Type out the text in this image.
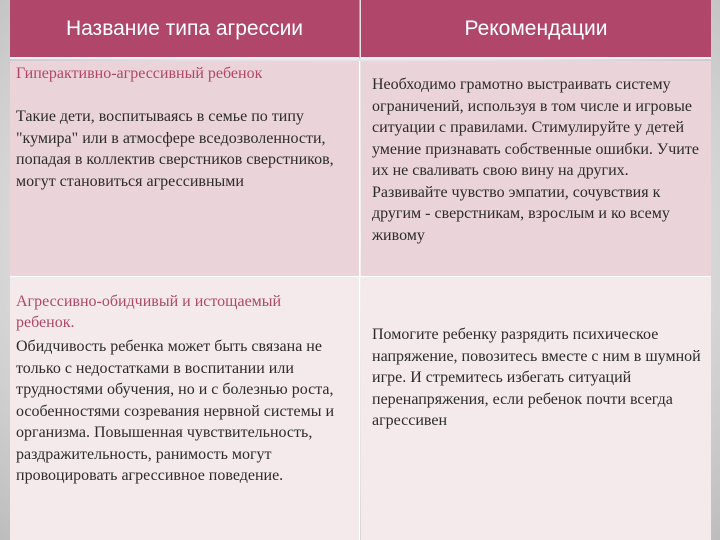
Название типа агрессии	Рекомендации
Гиперактивно-агрессивный ребенок
Такие дети, воспитываясь в семье по типу "кумира" или в атмосфере вседозволенности, попадая в коллектив сверстников сверстников, могут становиться агрессивными
Необходимо грамотно выстраивать систему ограничений, используя в том числе и игровые ситуации с правилами. Стимулируйте у детей умение признавать собственные ошибки. Учите их не сваливать свою вину на других. Развивайте чувство эмпатии, сочувствия к другим - сверстникам, взрослым и ко всему живому
Агрессивно-обидчивый и истощаемый ребенок.
Обидчивость ребенка может быть связана не только с недостатками в воспитании или трудностями обучения, но и с болезнью роста, особенностями созревания нервной системы и организма. Повышенная чувствительность, раздражительность, ранимость могут провоцировать агрессивное поведение.
Помогите ребенку разрядить психическое напряжение, повозитесь вместе с ним в шумной игре. И стремитесь избегать ситуаций перенапряжения, если ребенок почти всегда агрессивен
